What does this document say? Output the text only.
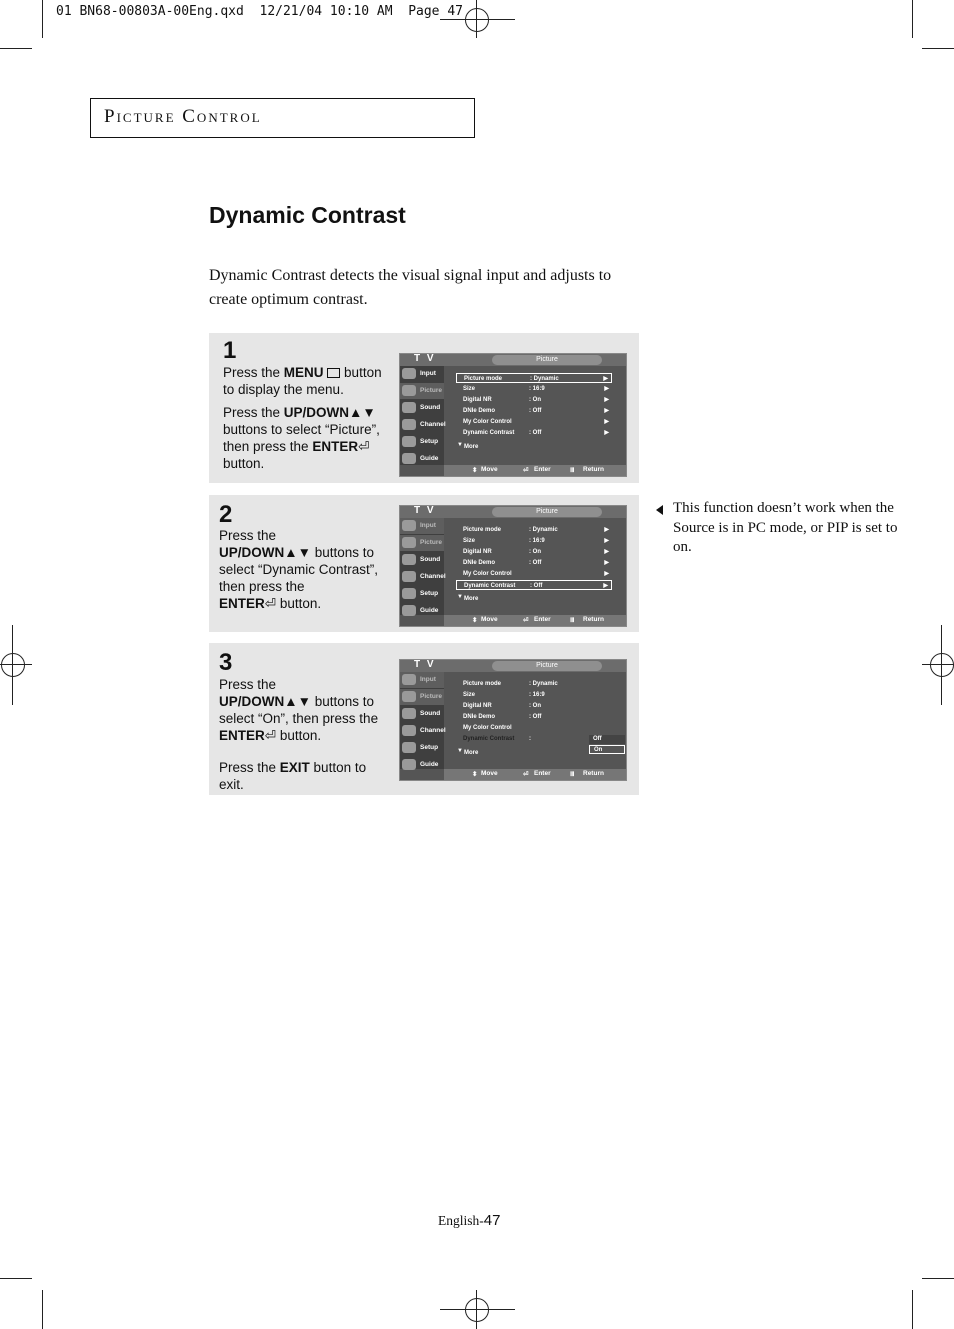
01 BN68-00803A-00Eng.qxd  12/21/04 10:10 AM  Page 47
Picture Control
Dynamic Contrast
Dynamic Contrast detects the visual signal input and adjusts to create optimum contrast.
1

Press the MENU  button to display the menu.

Press the UP/DOWN▲▼ buttons to select “Picture”, then press the ENTER⏎ button.

T V	Picture
Input
Picture
Sound
Channel
Setup
Guide
Picture mode	: Dynamic	▶
Size	: 16:9	▶
Digital NR	: On	▶
DNIe Demo	: Off	▶
My Color Control	▶
Dynamic Contrast : Off	▶
▼ More
⬍ Move	⏎ Enter	Ⅲ Return
2

Press the
UP/DOWN▲▼ buttons to select “Dynamic Contrast”, then press the
ENTER⏎ button.

T V	Picture
Input
Picture
Sound
Channel
Setup
Guide
Picture mode	: Dynamic	▶
Size	: 16:9	▶
Digital NR	: On	▶
DNIe Demo	: Off	▶
My Color Control	▶
Dynamic Contrast : Off	▶
▼ More
⬍ Move	⏎ Enter	Ⅲ Return
3

Press the
UP/DOWN▲▼ buttons to select “On”, then press the ENTER⏎ button.

Press the EXIT button to exit.

T V	Picture
Input
Picture
Sound
Channel
Setup
Guide
Picture mode	: Dynamic
Size	: 16:9
Digital NR	: On
DNIe Demo	: Off
My Color Control
Dynamic Contrast :	Off
On
▼ More
⬍ Move	⏎ Enter	Ⅲ Return
This function doesn’t work when the Source is in PC mode, or PIP is set to on.
English-47
